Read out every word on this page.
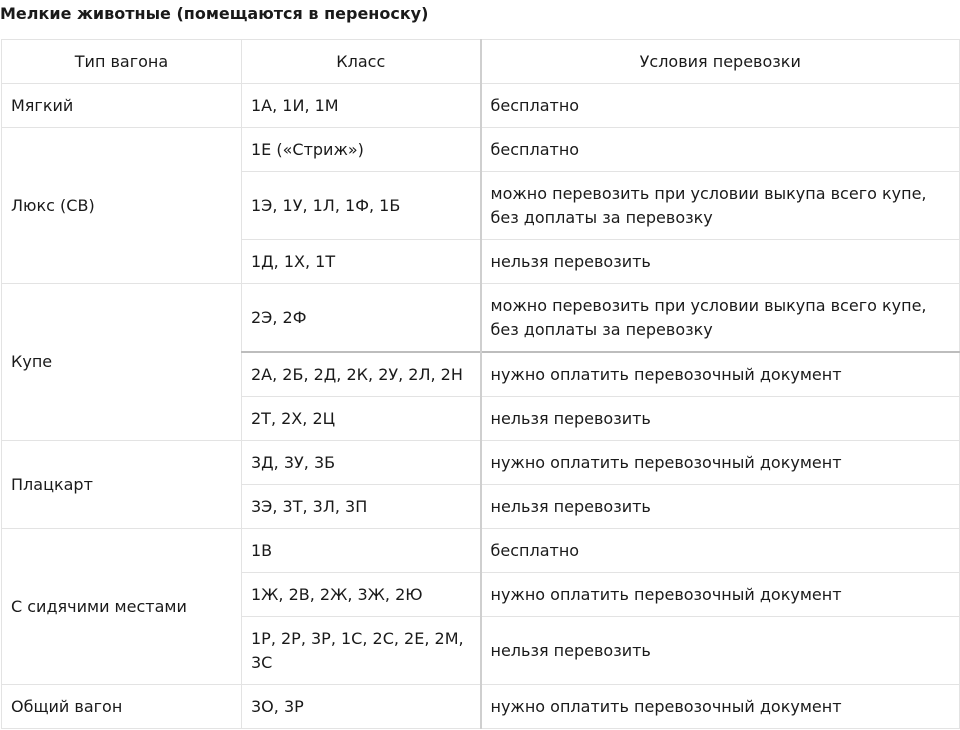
Мелкие животные (помещаются в переноску)
Тип вагона	Класс	Условия перевозки
Мягкий	1А, 1И, 1М	бесплатно
Люкс (СВ)	1Е («Стриж»)	бесплатно
	1Э, 1У, 1Л, 1Ф, 1Б	можно перевозить при условии выкупа всего купе, без доплаты за перевозку
	1Д, 1Х, 1Т	нельзя перевозить
Купе	2Э, 2Ф	можно перевозить при условии выкупа всего купе, без доплаты за перевозку
	2А, 2Б, 2Д, 2К, 2У, 2Л, 2Н	нужно оплатить перевозочный документ
	2Т, 2Х, 2Ц	нельзя перевозить
Плацкарт	3Д, 3У, 3Б	нужно оплатить перевозочный документ
	3Э, 3Т, 3Л, 3П	нельзя перевозить
С сидячими местами	1В	бесплатно
	1Ж, 2В, 2Ж, 3Ж, 2Ю	нужно оплатить перевозочный документ
	1Р, 2Р, 3Р, 1С, 2С, 2Е, 2М, 3С	нельзя перевозить
Общий вагон	3О, 3Р	нужно оплатить перевозочный документ
